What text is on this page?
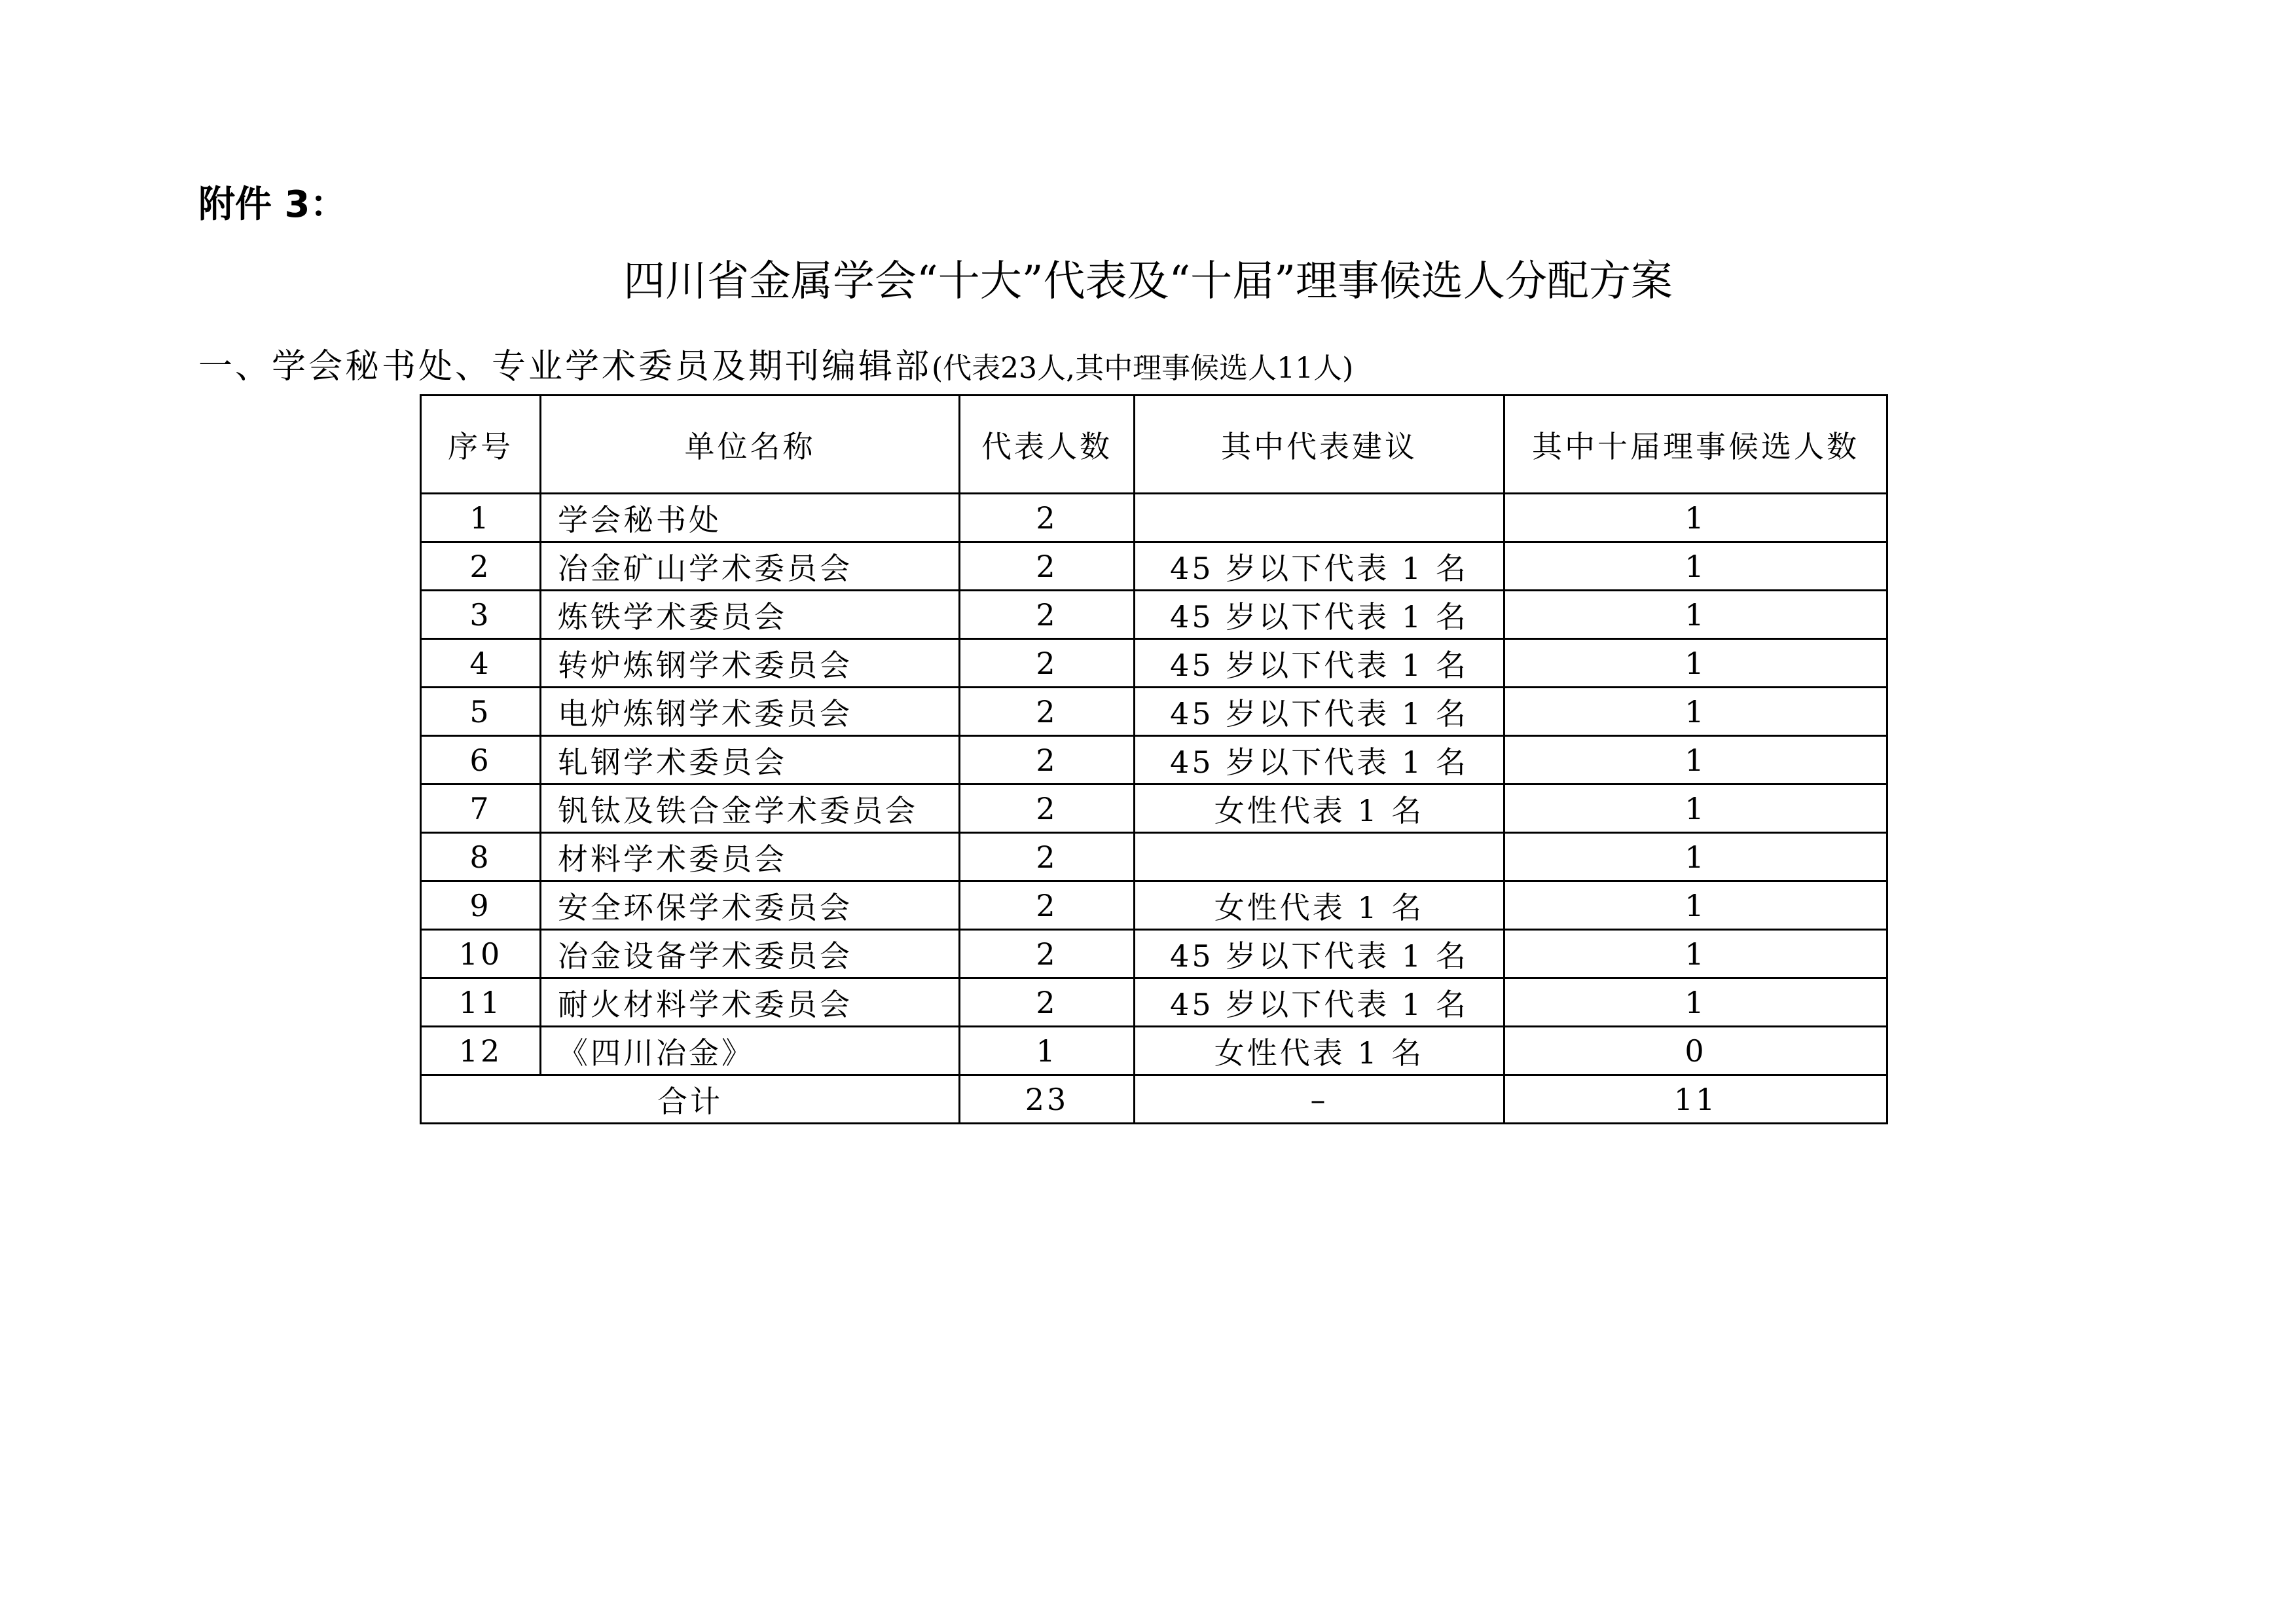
附件 3：
四川省金属学会“十大”代表及“十届”理事候选人分配方案
一、学会秘书处、专业学术委员及期刊编辑部(代表23人,其中理事候选人11人)
序号	单位名称	代表人数	其中代表建议	其中十届理事候选人数
1	学会秘书处	2		1
2	冶金矿山学术委员会	2	45 岁以下代表 1 名	1
3	炼铁学术委员会	2	45 岁以下代表 1 名	1
4	转炉炼钢学术委员会	2	45 岁以下代表 1 名	1
5	电炉炼钢学术委员会	2	45 岁以下代表 1 名	1
6	轧钢学术委员会	2	45 岁以下代表 1 名	1
7	钒钛及铁合金学术委员会	2	女性代表 1 名	1
8	材料学术委员会	2		1
9	安全环保学术委员会	2	女性代表 1 名	1
10	冶金设备学术委员会	2	45 岁以下代表 1 名	1
11	耐火材料学术委员会	2	45 岁以下代表 1 名	1
12	《四川冶金》	1	女性代表 1 名	0
合计		23	–	11
